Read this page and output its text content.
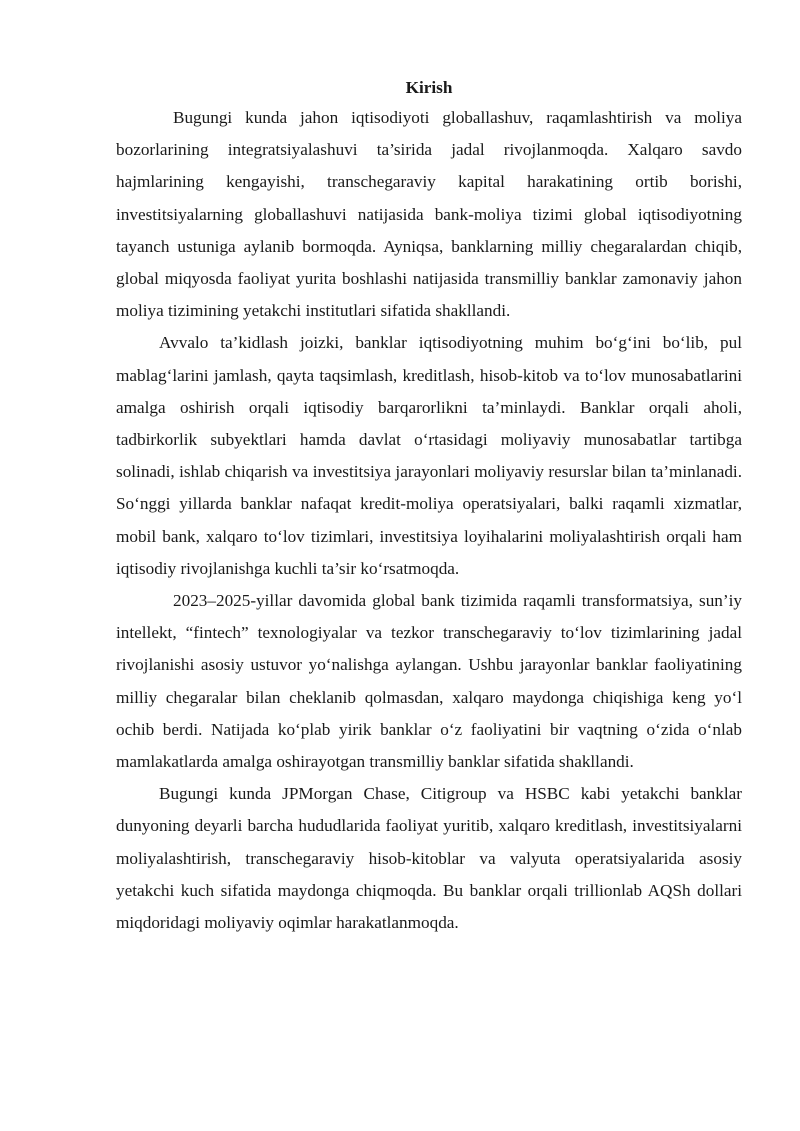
Kirish

Bugungi kunda jahon iqtisodiyoti globallashuv, raqamlashtirish va moliya bozorlarining integratsiyalashuvi ta’sirida jadal rivojlanmoqda. Xalqaro savdo hajmlarining kengayishi, transchegaraviy kapital harakatining ortib borishi, investitsiyalarning globallashuvi natijasida bank-moliya tizimi global iqtisodiyotning tayanch ustuniga aylanib bormoqda. Ayniqsa, banklarning milliy chegaralardan chiqib, global miqyosda faoliyat yurita boshlashi natijasida transmilliy banklar zamonaviy jahon moliya tizimining yetakchi institutlari sifatida shakllandi.

Avvalo ta’kidlash joizki, banklar iqtisodiyotning muhim bo‘g‘ini bo‘lib, pul mablag‘larini jamlash, qayta taqsimlash, kreditlash, hisob-kitob va to‘lov munosabatlarini amalga oshirish orqali iqtisodiy barqarorlikni ta’minlaydi. Banklar orqali aholi, tadbirkorlik subyektlari hamda davlat o‘rtasidagi moliyaviy munosabatlar tartibga solinadi, ishlab chiqarish va investitsiya jarayonlari moliyaviy resurslar bilan ta’minlanadi. So‘nggi yillarda banklar nafaqat kredit-moliya operatsiyalari, balki raqamli xizmatlar, mobil bank, xalqaro to‘lov tizimlari, investitsiya loyihalarini moliyalashtirish orqali ham iqtisodiy rivojlanishga kuchli ta’sir ko‘rsatmoqda.

2023–2025-yillar davomida global bank tizimida raqamli transformatsiya, sun’iy intellekt, “fintech” texnologiyalar va tezkor transchegaraviy to‘lov tizimlarining jadal rivojlanishi asosiy ustuvor yo‘nalishga aylangan. Ushbu jarayonlar banklar faoliyatining milliy chegaralar bilan cheklanib qolmasdan, xalqaro maydonga chiqishiga keng yo‘l ochib berdi. Natijada ko‘plab yirik banklar o‘z faoliyatini bir vaqtning o‘zida o‘nlab mamlakatlarda amalga oshirayotgan transmilliy banklar sifatida shakllandi.

Bugungi kunda JPMorgan Chase, Citigroup va HSBC kabi yetakchi banklar dunyoning deyarli barcha hududlarida faoliyat yuritib, xalqaro kreditlash, investitsiyalarni moliyalashtirish, transchegaraviy hisob-kitoblar va valyuta operatsiyalarida asosiy yetakchi kuch sifatida maydonga chiqmoqda. Bu banklar orqali trillionlab AQSh dollari miqdoridagi moliyaviy oqimlar harakatlanmoqda.
